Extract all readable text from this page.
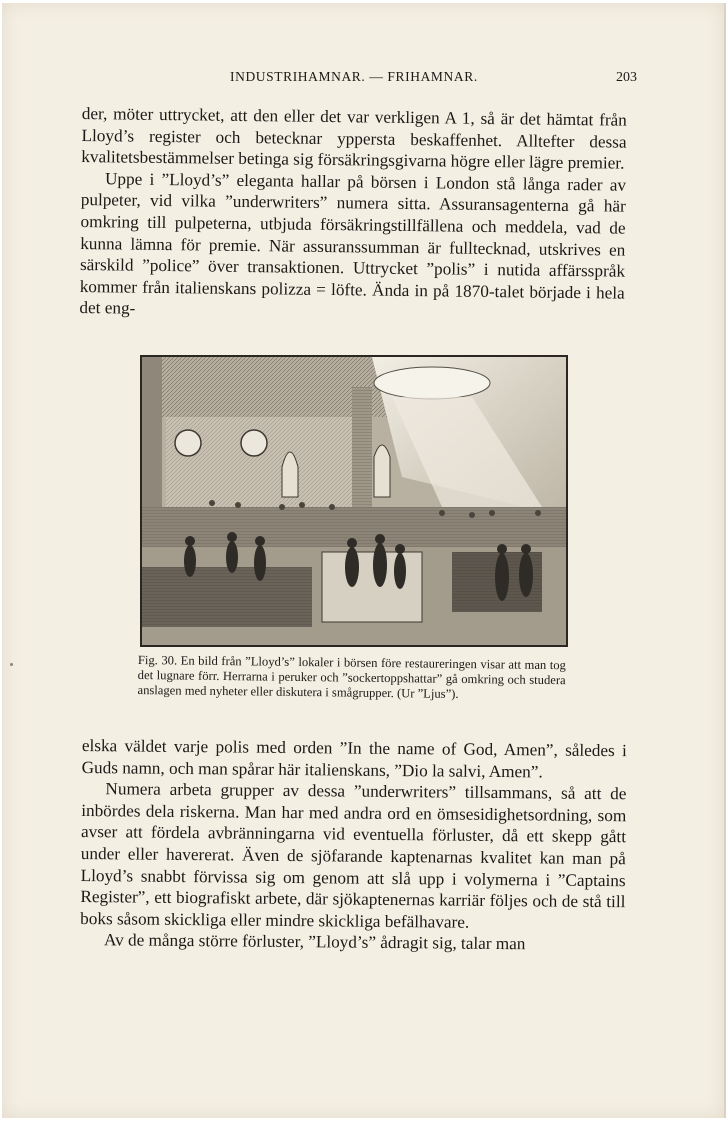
INDUSTRIHAMNAR. — FRIHAMNAR.	203

der, möter uttrycket, att den eller det var verkligen A 1, så är det hämtat från Lloyd’s register och betecknar yppersta beskaffenhet. Alltefter dessa kvalitetsbestämmelser betinga sig försäkringsgivarna högre eller lägre premier.

Uppe i ”Lloyd’s” eleganta hallar på börsen i London stå långa rader av pulpeter, vid vilka ”underwriters” numera sitta. Assuransagenterna gå här omkring till pulpeterna, utbjuda försäkringstillfällena och meddela, vad de kunna lämna för premie. När assuranssumman är fulltecknad, utskrives en särskild ”police” över transaktionen. Uttrycket ”polis” i nutida affärsspråk kommer från italienskans polizza = löfte. Ända in på 1870-talet började i hela det eng-

Fig. 30. En bild från ”Lloyd’s” lokaler i börsen före restaureringen visar att man tog det lugnare förr. Herrarna i peruker och ”sockertoppshattar” gå omkring och studera anslagen med nyheter eller diskutera i smågrupper. (Ur ”Ljus”).

elska väldet varje polis med orden ”In the name of God, Amen”, således i Guds namn, och man spårar här italienskans, ”Dio la salvi, Amen”.

Numera arbeta grupper av dessa ”underwriters” tillsammans, så att de inbördes dela riskerna. Man har med andra ord en ömsesidighetsordning, som avser att fördela avbränningarna vid eventuella förluster, då ett skepp gått under eller havererat. Även de sjöfarande kaptenarnas kvalitet kan man på Lloyd’s snabbt förvissa sig om genom att slå upp i volymerna i ”Captains Register”, ett biografiskt arbete, där sjökaptenernas karriär följes och de stå till boks såsom skickliga eller mindre skickliga befälhavare.

Av de många större förluster, ”Lloyd’s” ådragit sig, talar man
